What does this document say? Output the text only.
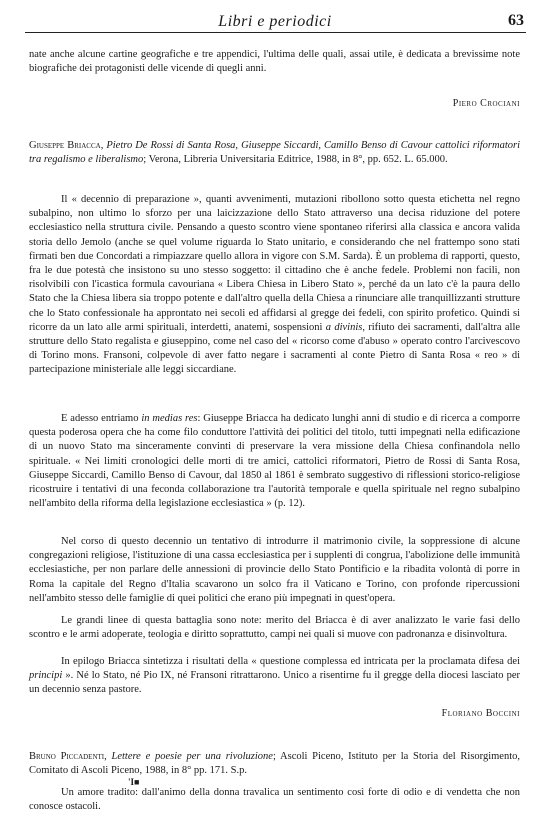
Libri e periodici	63

nate anche alcune cartine geografiche e tre appendici, l'ultima delle quali, assai utile, è dedicata a brevissime note biografiche dei protagonisti delle vicende di quegli anni.

Piero Crociani

Giuseppe Briacca, Pietro De Rossi di Santa Rosa, Giuseppe Siccardi, Camillo Benso di Cavour cattolici riformatori tra regalismo e liberalismo; Verona, Libreria Universitaria Editrice, 1988, in 8°, pp. 652. L. 65.000.

Il « decennio di preparazione », quanti avvenimenti, mutazioni ribollono sotto questa etichetta nel regno subalpino, non ultimo lo sforzo per una laicizzazione dello Stato attraverso una decisa riduzione del potere ecclesiastico nella struttura civile. Pensando a questo scontro viene spontaneo riferirsi alla classica e ancora valida storia dello Jemolo (anche se quel volume riguarda lo Stato unitario, e considerando che nel frattempo sono stati firmati ben due Concordati a rimpiazzare quello allora in vigore con S.M. Sarda). È un problema di rapporti, questo, fra le due potestà che insistono su uno stesso soggetto: il cittadino che è anche fedele. Problemi non facili, non risolvibili con l'icastica formula cavouriana « Libera Chiesa in Libero Stato », perché da un lato c'è la paura dello Stato che la Chiesa libera sia troppo potente e dall'altro quella della Chiesa a rinunciare alle tranquillizzanti strutture che lo Stato confessionale ha approntato nei secoli ed affidarsi al gregge dei fedeli, con spirito profetico. Quindi si ricorre da un lato alle armi spirituali, interdetti, anatemi, sospensioni a divinis, rifiuto dei sacramenti, dall'altra alle strutture dello Stato regalista e giuseppino, come nel caso del « ricorso come d'abuso » operato contro l'arcivescovo di Torino mons. Fransoni, colpevole di aver fatto negare i sacramenti al conte Pietro di Santa Rosa « reo » di partecipazione ministeriale alle leggi siccardiane.

E adesso entriamo in medias res: Giuseppe Briacca ha dedicato lunghi anni di studio e di ricerca a comporre questa poderosa opera che ha come filo conduttore l'attività dei politici del titolo, tutti impegnati nella edificazione di un nuovo Stato ma sinceramente convinti di preservare la vera missione della Chiesa confinandola nello spirituale. « Nei limiti cronologici delle morti di tre amici, cattolici riformatori, Pietro de Rossi di Santa Rosa, Giuseppe Siccardi, Camillo Benso di Cavour, dal 1850 al 1861 è sembrato suggestivo di riflessioni storico-religiose ricostruire i tentativi di una feconda collaborazione tra l'autorità temporale e quella spirituale nel regno subalpino nell'ambito della riforma della legislazione ecclesiastica » (p. 12).

Nel corso di questo decennio un tentativo di introdurre il matrimonio civile, la soppressione di alcune congregazioni religiose, l'istituzione di una cassa ecclesiastica per i supplenti di congrua, l'abolizione delle immunità ecclesiastiche, per non parlare delle annessioni di provincie dello Stato Pontificio e la ribadita volontà di porre in Roma la capitale del Regno d'Italia scavarono un solco fra il Vaticano e Torino, con profonde ripercussioni nell'ambito stesso delle famiglie di quei politici che erano più impegnati in quest'opera.

Le grandi linee di questa battaglia sono note: merito del Briacca è di aver analizzato le varie fasi dello scontro e le armi adoperate, teologia e diritto soprattutto, campi nei quali si muove con padronanza e disinvoltura.

In epilogo Briacca sintetizza i risultati della « questione complessa ed intricata per la proclamata difesa dei principi ». Né lo Stato, né Pio IX, né Fransoni ritrattarono. Unico a risentirne fu il gregge della diocesi lasciato per un decennio senza pastore.

Floriano Boccini

Bruno Piccadenti, Lettere e poesie per una rivoluzione; Ascoli Piceno, Istituto per la Storia del Risorgimento, Comitato di Ascoli Piceno, 1988, in 8° pp. 171. S.p.

'I■

Un amore tradito: dall'animo della donna travalica un sentimento così forte di odio e di vendetta che non conosce ostacoli.
